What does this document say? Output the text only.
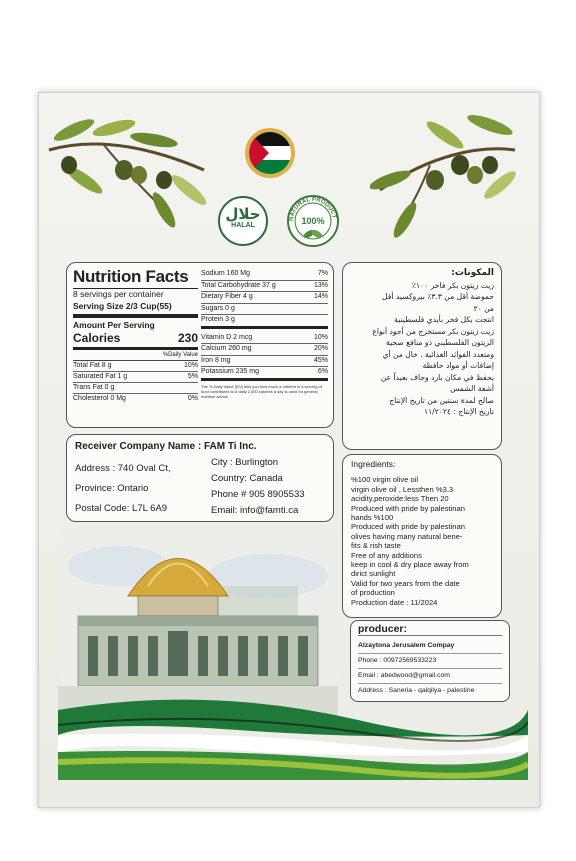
حلال
HALAL
NATURAL PRODUCT
100%
Nutrition Facts
8 servings per container
Serving Size 2/3 Cup(55)
Amount Per Serving
Calories	230
%Daily Value
Total Fat 8 g	10%
Saturated Fat 1 g	5%
Trans Fat 0 g
Cholesterol 0 Mg	0%
Sodium 160 Mg	7%
Total Carbohydrate 37 g	13%
Dietary Fiber 4 g	14%
Sugars 0 g
Protein 3 g
Vitamin D 2 mcg	10%
Calcium 260 mg	20%
Iron 8 mg	45%
Potassium 235 mg	6%
The % Daily Value (DV) tells you how much a nutrient in a serving of food contributes to a daily 2,000 calories a day is used for general nutrition advice
Receiver Company Name : FAM Ti Inc.
Address : 740 Oval Ct,
Province: Ontario
Postal Code: L7L 6A9
City : Burlington
Country: Canada
Phone # 905 8905533
Email: info@famti.ca
المكونات:
زيت زيتون بكر فاخر ١٠٠٪
حموضة أقل من ٣.٣٪ بيروكسيد أقل
من ٢٠
انتجت بكل فخر بأيدي فلسطينية
زيت زيتون بكر مستخرج من أجود أنواع
الزيتون الفلسطيني ذو منافع صحية
ومتعدد الفوائد الغذائية . خال من أي
إضافات أو مواد حافظة
يحفظ في مكان بارد وجاف بعيداً عن
أشعة الشمس
صالح لمدة سنتين من تاريخ الإنتاج
تاريخ الإنتاج : ١١/٢٠٢٤
Ingredients:
%100 virgin olive oil
virgin olive oil , Lessthen %3.3
acidity,peroxide:less Then 20
Produced with pride by palestinan
hands %100
Produced with pride by palestinan
olives having many natural bene-
fits & rish taste
Free of any additions
keep in cool & dry place away from
dirict sunlight
Valid for two years from the date
of production
Production date : 11/2024
producer:
Alzaytona Jerusalem Compay
Phone : 00972569533223
Email : abedwood@gmail.com
Address : Saneria - qalqilya - palestine
